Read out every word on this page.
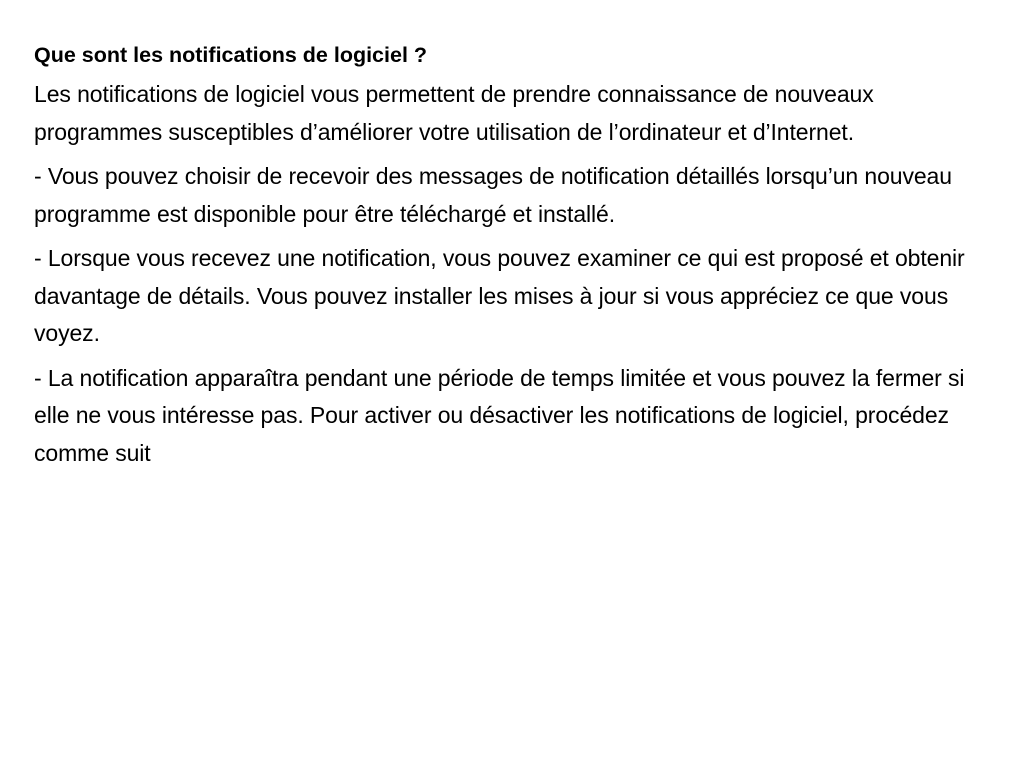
Que sont les notifications de logiciel ?
Les notifications de logiciel vous permettent de prendre connaissance de nouveaux programmes susceptibles d’améliorer votre utilisation de l’ordinateur et d’Internet.
- Vous pouvez choisir de recevoir des messages de notification détaillés lorsqu’un nouveau programme est disponible pour être téléchargé et installé.
- Lorsque vous recevez une notification, vous pouvez examiner ce qui est proposé et obtenir davantage de détails. Vous pouvez installer les mises à jour si vous appréciez ce que vous voyez.
- La notification apparaîtra pendant une période de temps limitée et vous pouvez la fermer si elle ne vous intéresse pas. Pour activer ou désactiver les notifications de logiciel, procédez comme suit
